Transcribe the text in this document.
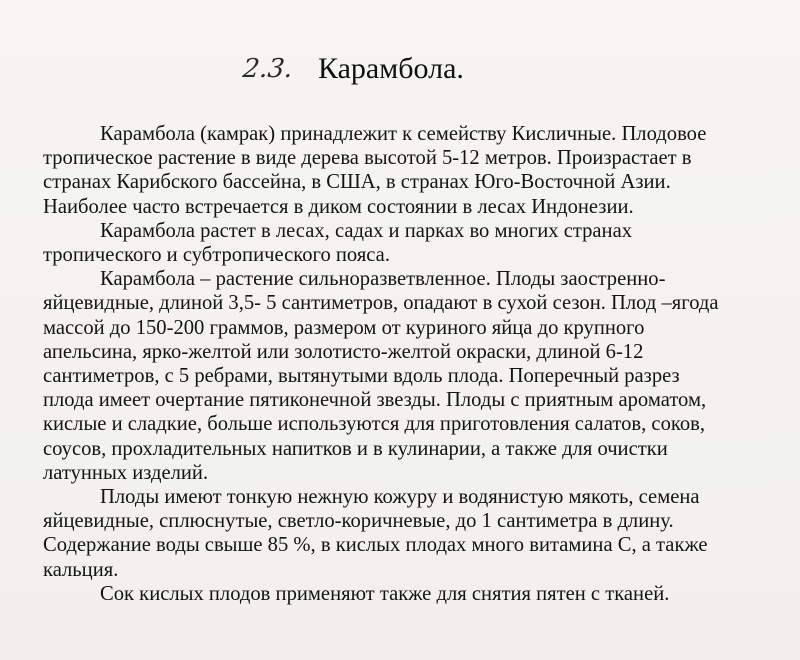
2.3. Карамбола.

Карамбола (камрак) принадлежит к семейству Кисличные. Плодовое
тропическое растение в виде дерева высотой 5-12 метров. Произрастает в
странах Карибского бассейна, в США, в странах Юго-Восточной Азии.
Наиболее часто встречается в диком состоянии в лесах Индонезии.

Карамбола растет в лесах, садах и парках во многих странах
тропического и субтропического пояса.

Карамбола – растение сильноразветвленное. Плоды заостренно-
яйцевидные, длиной 3,5- 5 сантиметров, опадают в сухой сезон. Плод –ягода
массой до 150-200 граммов, размером от куриного яйца до крупного
апельсина, ярко-желтой или золотисто-желтой окраски, длиной 6-12
сантиметров, с 5 ребрами, вытянутыми вдоль плода. Поперечный разрез
плода имеет очертание пятиконечной звезды. Плоды с приятным ароматом,
кислые и сладкие, больше используются для приготовления салатов, соков,
соусов, прохладительных напитков и в кулинарии, а также для очистки
латунных изделий.

Плоды имеют тонкую нежную кожуру и водянистую мякоть, семена
яйцевидные, сплюснутые, светло-коричневые, до 1 сантиметра в длину.
Содержание воды свыше 85 %, в кислых плодах много витамина С, а также
кальция.

Сок кислых плодов применяют также для снятия пятен с тканей.
